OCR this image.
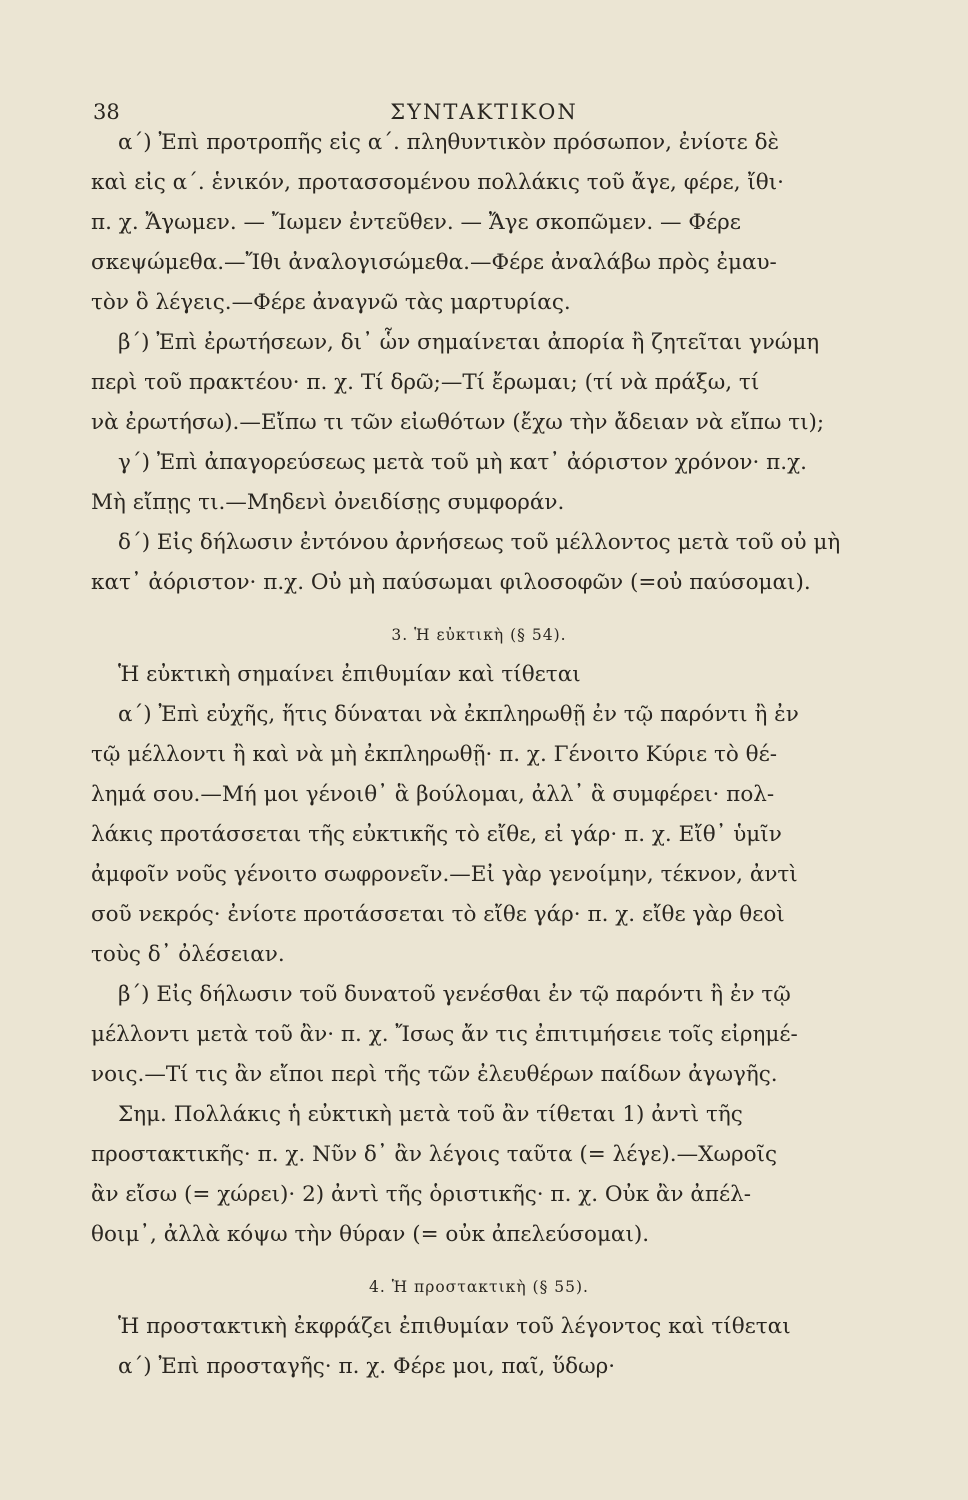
38	ΣΥΝΤΑΚΤΙΚΟΝ
α΄) Ἐπὶ προτροπῆς εἰς α΄. πληθυντικὸν πρόσωπον, ἐνίοτε δὲ
καὶ εἰς α΄. ἑνικόν, προτασσομένου πολλάκις τοῦ ἄγε, φέρε, ἴθι·
π. χ. Ἄγωμεν. — Ἴωμεν ἐντεῦθεν. — Ἄγε σκοπῶμεν. — Φέρε
σκεψώμεθα.—Ἴθι ἀναλογισώμεθα.—Φέρε ἀναλάβω πρὸς ἐμαυ-
τὸν ὃ λέγεις.—Φέρε ἀναγνῶ τὰς μαρτυρίας.
β΄) Ἐπὶ ἐρωτήσεων, δι᾽ ὧν σημαίνεται ἀπορία ἢ ζητεῖται γνώμη
περὶ τοῦ πρακτέου· π. χ. Τί δρῶ;—Τί ἔρωμαι; (τί νὰ πράξω, τί
νὰ ἐρωτήσω).—Εἴπω τι τῶν εἰωθότων (ἔχω τὴν ἄδειαν νὰ εἴπω τι);
γ΄) Ἐπὶ ἀπαγορεύσεως μετὰ τοῦ μὴ κατ᾽ ἀόριστον χρόνον· π.χ.
Μὴ εἴπῃς τι.—Μηδενὶ ὀνειδίσῃς συμφοράν.
δ΄) Εἰς δήλωσιν ἐντόνου ἀρνήσεως τοῦ μέλλοντος μετὰ τοῦ οὐ μὴ
κατ᾽ ἀόριστον· π.χ. Οὐ μὴ παύσωμαι φιλοσοφῶν (=οὐ παύσομαι).
3. Ἡ εὐκτικὴ (§ 54).
Ἡ εὐκτικὴ σημαίνει ἐπιθυμίαν καὶ τίθεται
α΄) Ἐπὶ εὐχῆς, ἥτις δύναται νὰ ἐκπληρωθῇ ἐν τῷ παρόντι ἢ ἐν
τῷ μέλλοντι ἢ καὶ νὰ μὴ ἐκπληρωθῇ· π. χ. Γένοιτο Κύριε τὸ θέ-
λημά σου.—Μή μοι γένοιθ᾽ ἃ βούλομαι, ἀλλ᾽ ἃ συμφέρει· πολ-
λάκις προτάσσεται τῆς εὐκτικῆς τὸ εἴθε, εἰ γάρ· π. χ. Εἴθ᾽ ὑμῖν
ἀμφοῖν νοῦς γένοιτο σωφρονεῖν.—Εἰ γὰρ γενοίμην, τέκνον, ἀντὶ
σοῦ νεκρός· ἐνίοτε προτάσσεται τὸ εἴθε γάρ· π. χ. εἴθε γὰρ θεοὶ
τοὺς δ᾽ ὀλέσειαν.
β΄) Εἰς δήλωσιν τοῦ δυνατοῦ γενέσθαι ἐν τῷ παρόντι ἢ ἐν τῷ
μέλλοντι μετὰ τοῦ ἂν· π. χ. Ἴσως ἄν τις ἐπιτιμήσειε τοῖς εἰρημέ-
νοις.—Τί τις ἂν εἴποι περὶ τῆς τῶν ἐλευθέρων παίδων ἀγωγῆς.
Σημ. Πολλάκις ἡ εὐκτικὴ μετὰ τοῦ ἂν τίθεται 1) ἀντὶ τῆς
προστακτικῆς· π. χ. Νῦν δ᾽ ἂν λέγοις ταῦτα (= λέγε).—Χωροῖς
ἂν εἴσω (= χώρει)· 2) ἀντὶ τῆς ὁριστικῆς· π. χ. Οὐκ ἂν ἀπέλ-
θοιμ᾽, ἀλλὰ κόψω τὴν θύραν (= οὐκ ἀπελεύσομαι).
4. Ἡ προστακτικὴ (§ 55).
Ἡ προστακτικὴ ἐκφράζει ἐπιθυμίαν τοῦ λέγοντος καὶ τίθεται
α΄) Ἐπὶ προσταγῆς· π. χ. Φέρε μοι, παῖ, ὕδωρ·
